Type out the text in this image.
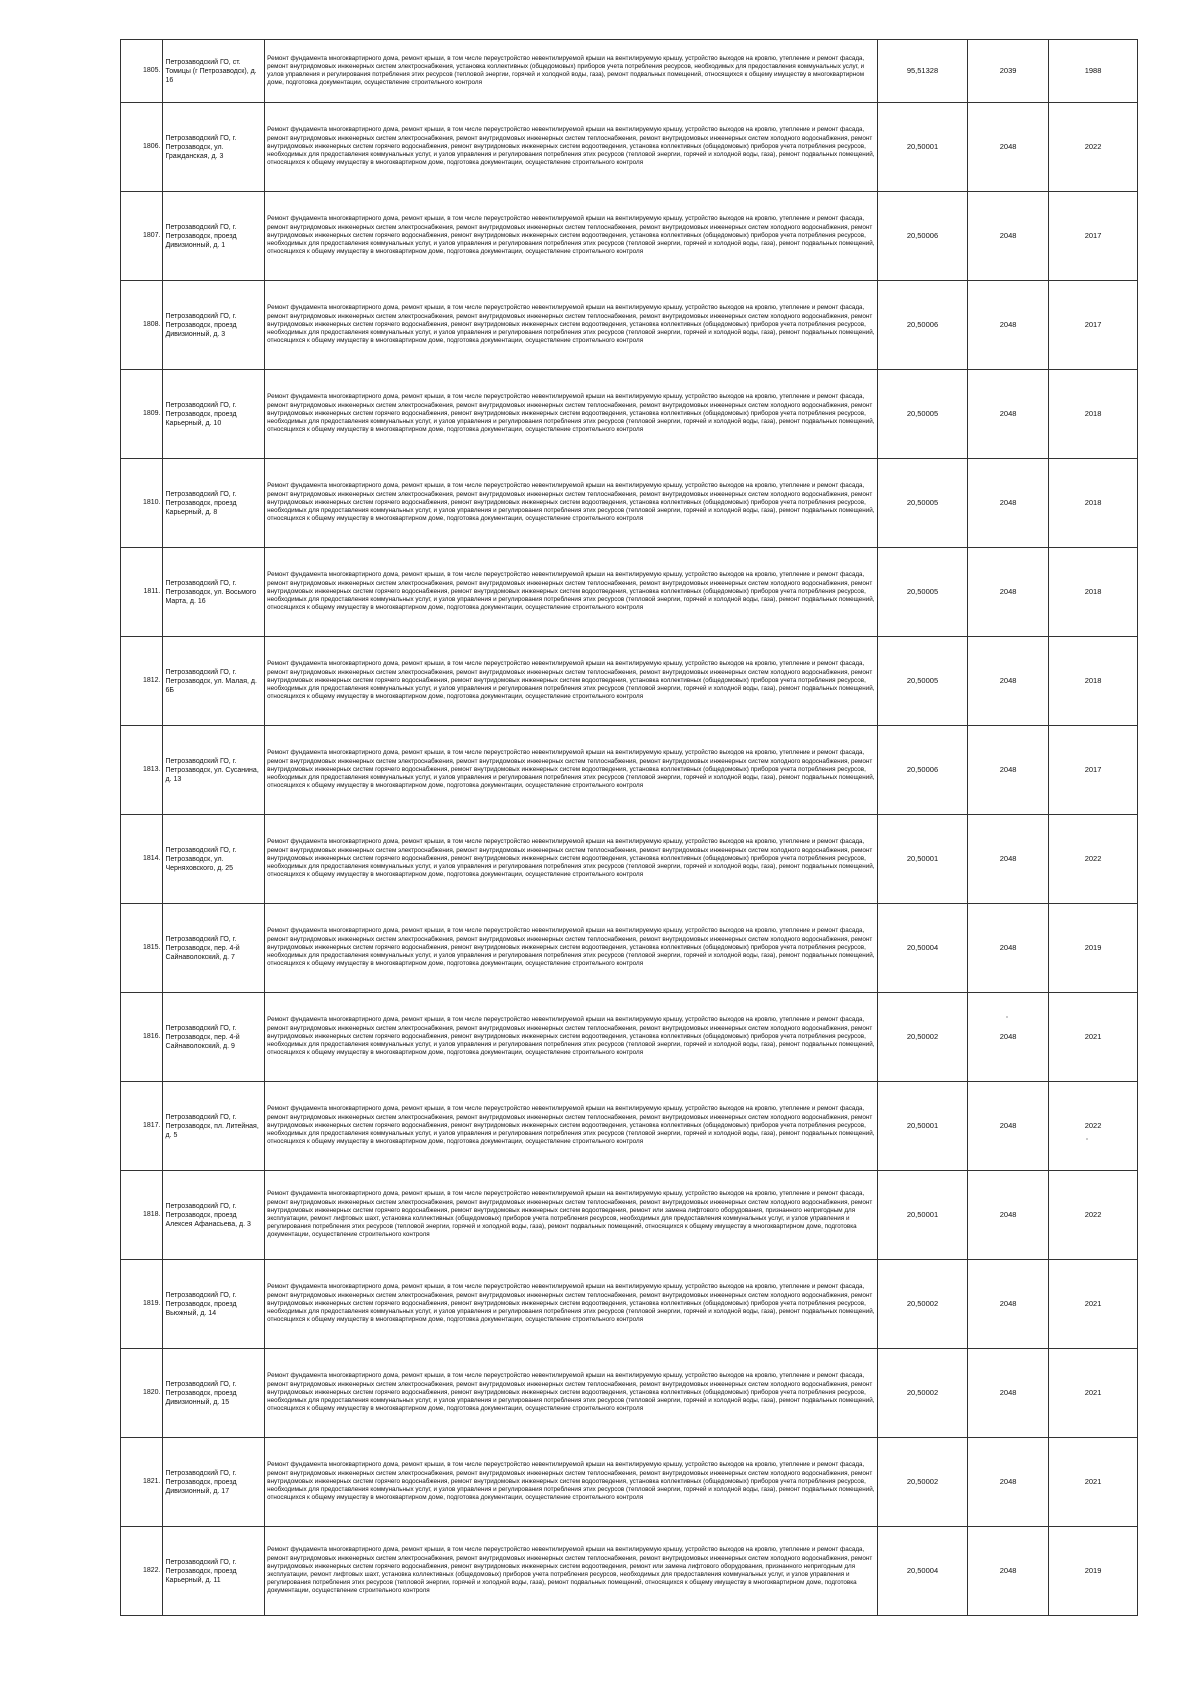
1805.	Петрозаводский ГО, ст. Томицы (г Петрозаводск), д. 16	Ремонт фундамента многоквартирного дома, ремонт крыши, в том числе переустройство невентилируемой крыши на вентилируемую крышу, устройство выходов на кровлю, утепление и ремонт фасада, ремонт внутридомовых инженерных систем электроснабжения, установка коллективных (общедомовых) приборов учета потребления ресурсов, необходимых для предоставления коммунальных услуг, и узлов управления и регулирования потребления этих ресурсов (тепловой энергии, горячей и холодной воды, газа), ремонт подвальных помещений, относящихся к общему имуществу в многоквартирном доме, подготовка документации, осуществление строительного контроля	95,51328	2039	1988
1806.	Петрозаводский ГО, г. Петрозаводск, ул. Гражданская, д. 3	Ремонт фундамента многоквартирного дома, ремонт крыши, в том числе переустройство невентилируемой крыши на вентилируемую крышу, устройство выходов на кровлю, утепление и ремонт фасада, ремонт внутридомовых инженерных систем электроснабжения, ремонт внутридомовых инженерных систем теплоснабжения, ремонт внутридомовых инженерных систем холодного водоснабжения, ремонт внутридомовых инженерных систем горячего водоснабжения, ремонт внутридомовых инженерных систем водоотведения, установка коллективных (общедомовых) приборов учета потребления ресурсов, необходимых для предоставления коммунальных услуг, и узлов управления и регулирования потребления этих ресурсов (тепловой энергии, горячей и холодной воды, газа), ремонт подвальных помещений, относящихся к общему имуществу в многоквартирном доме, подготовка документации, осуществление строительного контроля	20,50001	2048	2022
1807.	Петрозаводский ГО, г. Петрозаводск, проезд Дивизионный, д. 1	Ремонт фундамента многоквартирного дома, ремонт крыши, в том числе переустройство невентилируемой крыши на вентилируемую крышу, устройство выходов на кровлю, утепление и ремонт фасада, ремонт внутридомовых инженерных систем электроснабжения, ремонт внутридомовых инженерных систем теплоснабжения, ремонт внутридомовых инженерных систем холодного водоснабжения, ремонт внутридомовых инженерных систем горячего водоснабжения, ремонт внутридомовых инженерных систем водоотведения, установка коллективных (общедомовых) приборов учета потребления ресурсов, необходимых для предоставления коммунальных услуг, и узлов управления и регулирования потребления этих ресурсов (тепловой энергии, горячей и холодной воды, газа), ремонт подвальных помещений, относящихся к общему имуществу в многоквартирном доме, подготовка документации, осуществление строительного контроля	20,50006	2048	2017
1808.	Петрозаводский ГО, г. Петрозаводск, проезд Дивизионный, д. 3	Ремонт фундамента многоквартирного дома, ремонт крыши, в том числе переустройство невентилируемой крыши на вентилируемую крышу, устройство выходов на кровлю, утепление и ремонт фасада, ремонт внутридомовых инженерных систем электроснабжения, ремонт внутридомовых инженерных систем теплоснабжения, ремонт внутридомовых инженерных систем холодного водоснабжения, ремонт внутридомовых инженерных систем горячего водоснабжения, ремонт внутридомовых инженерных систем водоотведения, установка коллективных (общедомовых) приборов учета потребления ресурсов, необходимых для предоставления коммунальных услуг, и узлов управления и регулирования потребления этих ресурсов (тепловой энергии, горячей и холодной воды, газа), ремонт подвальных помещений, относящихся к общему имуществу в многоквартирном доме, подготовка документации, осуществление строительного контроля	20,50006	2048	2017
1809.	Петрозаводский ГО, г. Петрозаводск, проезд Карьерный, д. 10	Ремонт фундамента многоквартирного дома, ремонт крыши, в том числе переустройство невентилируемой крыши на вентилируемую крышу, устройство выходов на кровлю, утепление и ремонт фасада, ремонт внутридомовых инженерных систем электроснабжения, ремонт внутридомовых инженерных систем теплоснабжения, ремонт внутридомовых инженерных систем холодного водоснабжения, ремонт внутридомовых инженерных систем горячего водоснабжения, ремонт внутридомовых инженерных систем водоотведения, установка коллективных (общедомовых) приборов учета потребления ресурсов, необходимых для предоставления коммунальных услуг, и узлов управления и регулирования потребления этих ресурсов (тепловой энергии, горячей и холодной воды, газа), ремонт подвальных помещений, относящихся к общему имуществу в многоквартирном доме, подготовка документации, осуществление строительного контроля	20,50005	2048	2018
1810.	Петрозаводский ГО, г. Петрозаводск, проезд Карьерный, д. 8	Ремонт фундамента многоквартирного дома, ремонт крыши, в том числе переустройство невентилируемой крыши на вентилируемую крышу, устройство выходов на кровлю, утепление и ремонт фасада, ремонт внутридомовых инженерных систем электроснабжения, ремонт внутридомовых инженерных систем теплоснабжения, ремонт внутридомовых инженерных систем холодного водоснабжения, ремонт внутридомовых инженерных систем горячего водоснабжения, ремонт внутридомовых инженерных систем водоотведения, установка коллективных (общедомовых) приборов учета потребления ресурсов, необходимых для предоставления коммунальных услуг, и узлов управления и регулирования потребления этих ресурсов (тепловой энергии, горячей и холодной воды, газа), ремонт подвальных помещений, относящихся к общему имуществу в многоквартирном доме, подготовка документации, осуществление строительного контроля	20,50005	2048	2018
1811.	Петрозаводский ГО, г. Петрозаводск, ул. Восьмого Марта, д. 16	Ремонт фундамента многоквартирного дома, ремонт крыши, в том числе переустройство невентилируемой крыши на вентилируемую крышу, устройство выходов на кровлю, утепление и ремонт фасада, ремонт внутридомовых инженерных систем электроснабжения, ремонт внутридомовых инженерных систем теплоснабжения, ремонт внутридомовых инженерных систем холодного водоснабжения, ремонт внутридомовых инженерных систем горячего водоснабжения, ремонт внутридомовых инженерных систем водоотведения, установка коллективных (общедомовых) приборов учета потребления ресурсов, необходимых для предоставления коммунальных услуг, и узлов управления и регулирования потребления этих ресурсов (тепловой энергии, горячей и холодной воды, газа), ремонт подвальных помещений, относящихся к общему имуществу в многоквартирном доме, подготовка документации, осуществление строительного контроля	20,50005	2048	2018
1812.	Петрозаводский ГО, г. Петрозаводск, ул. Малая, д. 6Б	Ремонт фундамента многоквартирного дома, ремонт крыши, в том числе переустройство невентилируемой крыши на вентилируемую крышу, устройство выходов на кровлю, утепление и ремонт фасада, ремонт внутридомовых инженерных систем электроснабжения, ремонт внутридомовых инженерных систем теплоснабжения, ремонт внутридомовых инженерных систем холодного водоснабжения, ремонт внутридомовых инженерных систем горячего водоснабжения, ремонт внутридомовых инженерных систем водоотведения, установка коллективных (общедомовых) приборов учета потребления ресурсов, необходимых для предоставления коммунальных услуг, и узлов управления и регулирования потребления этих ресурсов (тепловой энергии, горячей и холодной воды, газа), ремонт подвальных помещений, относящихся к общему имуществу в многоквартирном доме, подготовка документации, осуществление строительного контроля	20,50005	2048	2018
1813.	Петрозаводский ГО, г. Петрозаводск, ул. Сусанина, д. 13	Ремонт фундамента многоквартирного дома, ремонт крыши, в том числе переустройство невентилируемой крыши на вентилируемую крышу, устройство выходов на кровлю, утепление и ремонт фасада, ремонт внутридомовых инженерных систем электроснабжения, ремонт внутридомовых инженерных систем теплоснабжения, ремонт внутридомовых инженерных систем холодного водоснабжения, ремонт внутридомовых инженерных систем горячего водоснабжения, ремонт внутридомовых инженерных систем водоотведения, установка коллективных (общедомовых) приборов учета потребления ресурсов, необходимых для предоставления коммунальных услуг, и узлов управления и регулирования потребления этих ресурсов (тепловой энергии, горячей и холодной воды, газа), ремонт подвальных помещений, относящихся к общему имуществу в многоквартирном доме, подготовка документации, осуществление строительного контроля	20,50006	2048	2017
1814.	Петрозаводский ГО, г. Петрозаводск, ул. Черняховского, д. 25	Ремонт фундамента многоквартирного дома, ремонт крыши, в том числе переустройство невентилируемой крыши на вентилируемую крышу, устройство выходов на кровлю, утепление и ремонт фасада, ремонт внутридомовых инженерных систем электроснабжения, ремонт внутридомовых инженерных систем теплоснабжения, ремонт внутридомовых инженерных систем холодного водоснабжения, ремонт внутридомовых инженерных систем горячего водоснабжения, ремонт внутридомовых инженерных систем водоотведения, установка коллективных (общедомовых) приборов учета потребления ресурсов, необходимых для предоставления коммунальных услуг, и узлов управления и регулирования потребления этих ресурсов (тепловой энергии, горячей и холодной воды, газа), ремонт подвальных помещений, относящихся к общему имуществу в многоквартирном доме, подготовка документации, осуществление строительного контроля	20,50001	2048	2022
1815.	Петрозаводский ГО, г. Петрозаводск, пер. 4-й Сайнаволокский, д. 7	Ремонт фундамента многоквартирного дома, ремонт крыши, в том числе переустройство невентилируемой крыши на вентилируемую крышу, устройство выходов на кровлю, утепление и ремонт фасада, ремонт внутридомовых инженерных систем электроснабжения, ремонт внутридомовых инженерных систем теплоснабжения, ремонт внутридомовых инженерных систем холодного водоснабжения, ремонт внутридомовых инженерных систем горячего водоснабжения, ремонт внутридомовых инженерных систем водоотведения, установка коллективных (общедомовых) приборов учета потребления ресурсов, необходимых для предоставления коммунальных услуг, и узлов управления и регулирования потребления этих ресурсов (тепловой энергии, горячей и холодной воды, газа), ремонт подвальных помещений, относящихся к общему имуществу в многоквартирном доме, подготовка документации, осуществление строительного контроля	20,50004	2048	2019
1816.	Петрозаводский ГО, г. Петрозаводск, пер. 4-й Сайнаволокский, д. 9	Ремонт фундамента многоквартирного дома, ремонт крыши, в том числе переустройство невентилируемой крыши на вентилируемую крышу, устройство выходов на кровлю, утепление и ремонт фасада, ремонт внутридомовых инженерных систем электроснабжения, ремонт внутридомовых инженерных систем теплоснабжения, ремонт внутридомовых инженерных систем холодного водоснабжения, ремонт внутридомовых инженерных систем горячего водоснабжения, ремонт внутридомовых инженерных систем водоотведения, установка коллективных (общедомовых) приборов учета потребления ресурсов, необходимых для предоставления коммунальных услуг, и узлов управления и регулирования потребления этих ресурсов (тепловой энергии, горячей и холодной воды, газа), ремонт подвальных помещений, относящихся к общему имуществу в многоквартирном доме, подготовка документации, осуществление строительного контроля	20,50002	2048	2021
1817.	Петрозаводский ГО, г. Петрозаводск, пл. Литейная, д. 5	Ремонт фундамента многоквартирного дома, ремонт крыши, в том числе переустройство невентилируемой крыши на вентилируемую крышу, устройство выходов на кровлю, утепление и ремонт фасада, ремонт внутридомовых инженерных систем электроснабжения, ремонт внутридомовых инженерных систем теплоснабжения, ремонт внутридомовых инженерных систем холодного водоснабжения, ремонт внутридомовых инженерных систем горячего водоснабжения, ремонт внутридомовых инженерных систем водоотведения, установка коллективных (общедомовых) приборов учета потребления ресурсов, необходимых для предоставления коммунальных услуг, и узлов управления и регулирования потребления этих ресурсов (тепловой энергии, горячей и холодной воды, газа), ремонт подвальных помещений, относящихся к общему имуществу в многоквартирном доме, подготовка документации, осуществление строительного контроля	20,50001	2048	2022
1818.	Петрозаводский ГО, г. Петрозаводск, проезд Алексея Афанасьева, д. 3	Ремонт фундамента многоквартирного дома, ремонт крыши, в том числе переустройство невентилируемой крыши на вентилируемую крышу, устройство выходов на кровлю, утепление и ремонт фасада, ремонт внутридомовых инженерных систем электроснабжения, ремонт внутридомовых инженерных систем теплоснабжения, ремонт внутридомовых инженерных систем холодного водоснабжения, ремонт внутридомовых инженерных систем горячего водоснабжения, ремонт внутридомовых инженерных систем водоотведения, ремонт или замена лифтового оборудования, признанного непригодным для эксплуатации, ремонт лифтовых шахт, установка коллективных (общедомовых) приборов учета потребления ресурсов, необходимых для предоставления коммунальных услуг, и узлов управления и регулирования потребления этих ресурсов (тепловой энергии, горячей и холодной воды, газа), ремонт подвальных помещений, относящихся к общему имуществу в многоквартирном доме, подготовка документации, осуществление строительного контроля	20,50001	2048	2022
1819.	Петрозаводский ГО, г. Петрозаводск, проезд Вьюжный, д. 14	Ремонт фундамента многоквартирного дома, ремонт крыши, в том числе переустройство невентилируемой крыши на вентилируемую крышу, устройство выходов на кровлю, утепление и ремонт фасада, ремонт внутридомовых инженерных систем электроснабжения, ремонт внутридомовых инженерных систем теплоснабжения, ремонт внутридомовых инженерных систем холодного водоснабжения, ремонт внутридомовых инженерных систем горячего водоснабжения, ремонт внутридомовых инженерных систем водоотведения, установка коллективных (общедомовых) приборов учета потребления ресурсов, необходимых для предоставления коммунальных услуг, и узлов управления и регулирования потребления этих ресурсов (тепловой энергии, горячей и холодной воды, газа), ремонт подвальных помещений, относящихся к общему имуществу в многоквартирном доме, подготовка документации, осуществление строительного контроля	20,50002	2048	2021
1820.	Петрозаводский ГО, г. Петрозаводск, проезд Дивизионный, д. 15	Ремонт фундамента многоквартирного дома, ремонт крыши, в том числе переустройство невентилируемой крыши на вентилируемую крышу, устройство выходов на кровлю, утепление и ремонт фасада, ремонт внутридомовых инженерных систем электроснабжения, ремонт внутридомовых инженерных систем теплоснабжения, ремонт внутридомовых инженерных систем холодного водоснабжения, ремонт внутридомовых инженерных систем горячего водоснабжения, ремонт внутридомовых инженерных систем водоотведения, установка коллективных (общедомовых) приборов учета потребления ресурсов, необходимых для предоставления коммунальных услуг, и узлов управления и регулирования потребления этих ресурсов (тепловой энергии, горячей и холодной воды, газа), ремонт подвальных помещений, относящихся к общему имуществу в многоквартирном доме, подготовка документации, осуществление строительного контроля	20,50002	2048	2021
1821.	Петрозаводский ГО, г. Петрозаводск, проезд Дивизионный, д. 17	Ремонт фундамента многоквартирного дома, ремонт крыши, в том числе переустройство невентилируемой крыши на вентилируемую крышу, устройство выходов на кровлю, утепление и ремонт фасада, ремонт внутридомовых инженерных систем электроснабжения, ремонт внутридомовых инженерных систем теплоснабжения, ремонт внутридомовых инженерных систем холодного водоснабжения, ремонт внутридомовых инженерных систем горячего водоснабжения, ремонт внутридомовых инженерных систем водоотведения, установка коллективных (общедомовых) приборов учета потребления ресурсов, необходимых для предоставления коммунальных услуг, и узлов управления и регулирования потребления этих ресурсов (тепловой энергии, горячей и холодной воды, газа), ремонт подвальных помещений, относящихся к общему имуществу в многоквартирном доме, подготовка документации, осуществление строительного контроля	20,50002	2048	2021
1822.	Петрозаводский ГО, г. Петрозаводск, проезд Карьерный, д. 11	Ремонт фундамента многоквартирного дома, ремонт крыши, в том числе переустройство невентилируемой крыши на вентилируемую крышу, устройство выходов на кровлю, утепление и ремонт фасада, ремонт внутридомовых инженерных систем электроснабжения, ремонт внутридомовых инженерных систем теплоснабжения, ремонт внутридомовых инженерных систем холодного водоснабжения, ремонт внутридомовых инженерных систем горячего водоснабжения, ремонт внутридомовых инженерных систем водоотведения, ремонт или замена лифтового оборудования, признанного непригодным для эксплуатации, ремонт лифтовых шахт, установка коллективных (общедомовых) приборов учета потребления ресурсов, необходимых для предоставления коммунальных услуг, и узлов управления и регулирования потребления этих ресурсов (тепловой энергии, горячей и холодной воды, газа), ремонт подвальных помещений, относящихся к общему имуществу в многоквартирном доме, подготовка документации, осуществление строительного контроля	20,50004	2048	2019
